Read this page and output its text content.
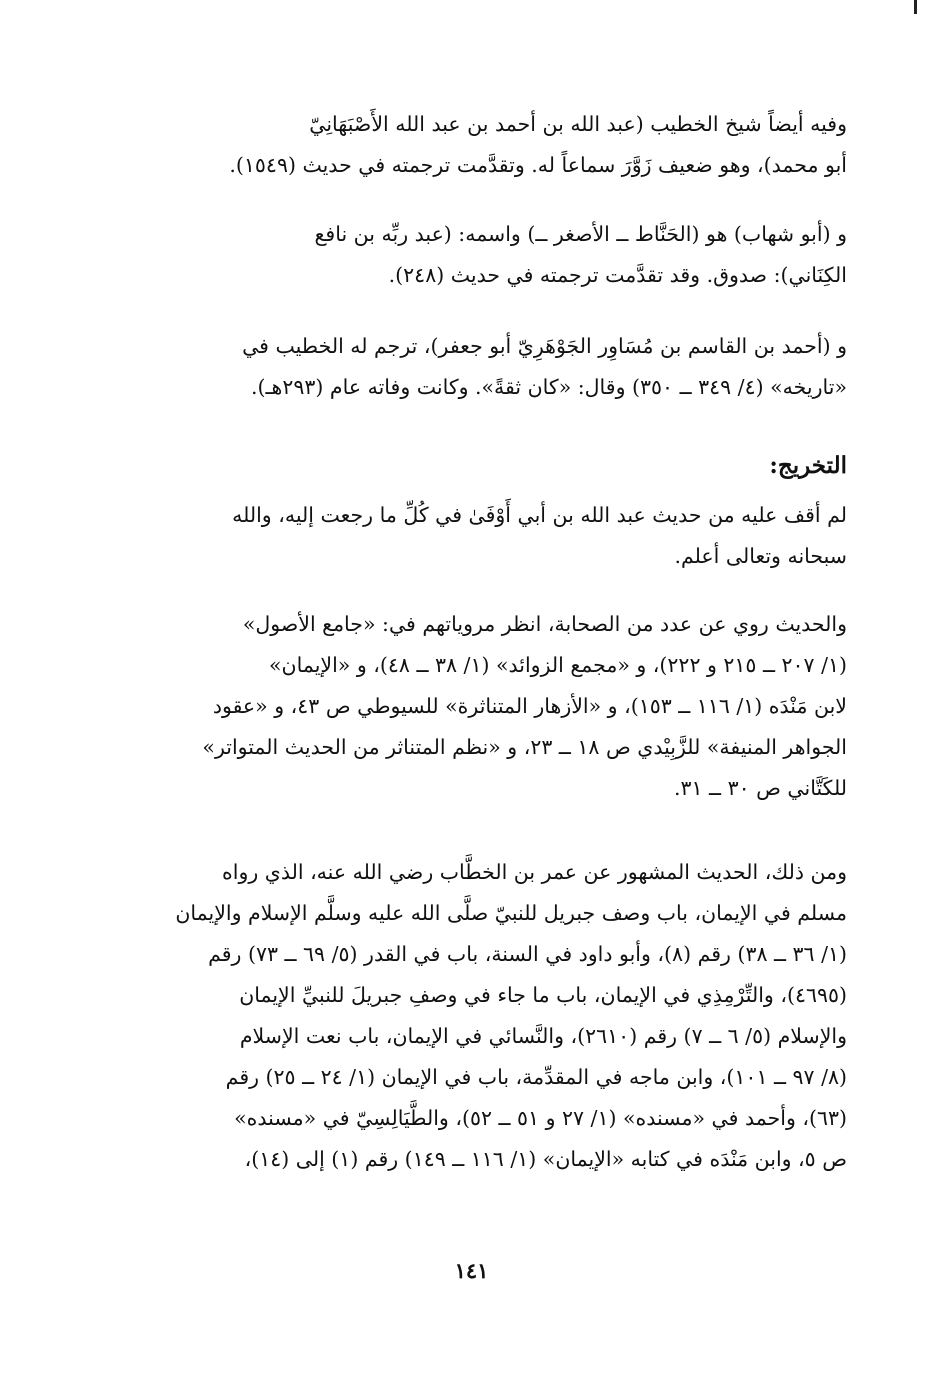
وفيه أيضاً شيخ الخطيب (عبد الله بن أحمد بن عبد الله الأَصْبَهَانِيّ
أبو محمد)، وهو ضعيف زَوَّرَ سماعاً له. وتقدَّمت ترجمته في حديث (١٥٤٩).
و (أبو شهاب) هو (الحَنَّاط ــ الأصغر ــ) واسمه: (عبد ربِّه بن نافع
الكِنَاني): صدوق. وقد تقدَّمت ترجمته في حديث (٢٤٨).
و (أحمد بن القاسم بن مُسَاوِر الجَوْهَرِيّ أبو جعفر)، ترجم له الخطيب في
«تاريخه» (٤/ ٣٤٩ ــ ٣٥٠) وقال: «كان ثقةً». وكانت وفاته عام (٢٩٣هـ).
التخريج:
لم أقف عليه من حديث عبد الله بن أبي أَوْفَىٰ في كُلِّ ما رجعت إليه، والله
سبحانه وتعالى أعلم.
والحديث روي عن عدد من الصحابة، انظر مروياتهم في: «جامع الأصول»
(١/ ٢٠٧ ــ ٢١٥ و ٢٢٢)، و «مجمع الزوائد» (١/ ٣٨ ــ ٤٨)، و «الإيمان»
لابن مَنْدَه (١/ ١١٦ ــ ١٥٣)، و «الأزهار المتناثرة» للسيوطي ص ٤٣، و «عقود
الجواهر المنيفة» للزَّبِيْدي ص ١٨ ــ ٢٣، و «نظم المتناثر من الحديث المتواتر»
للكَتَّاني ص ٣٠ ــ ٣١.
ومن ذلك، الحديث المشهور عن عمر بن الخطَّاب رضي الله عنه، الذي رواه
مسلم في الإيمان، باب وصف جبريل للنبيّ صلَّى الله عليه وسلَّم الإسلام والإيمان
(١/ ٣٦ ــ ٣٨) رقم (٨)، وأبو داود في السنة، باب في القدر (٥/ ٦٩ ــ ٧٣) رقم
(٤٦٩٥)، والتِّرْمِذِي في الإيمان، باب ما جاء في وصفِ جبريلَ للنبيِّ الإيمان
والإسلام (٥/ ٦ ــ ٧) رقم (٢٦١٠)، والنَّسائي في الإيمان، باب نعت الإسلام
(٨/ ٩٧ ــ ١٠١)، وابن ماجه في المقدِّمة، باب في الإيمان (١/ ٢٤ ــ ٢٥) رقم
(٦٣)، وأحمد في «مسنده» (١/ ٢٧ و ٥١ ــ ٥٢)، والطَّيَالِسِيّ في «مسنده»
ص ٥، وابن مَنْدَه في كتابه «الإيمان» (١/ ١١٦ ــ ١٤٩) رقم (١) إلى (١٤)،
١٤١
